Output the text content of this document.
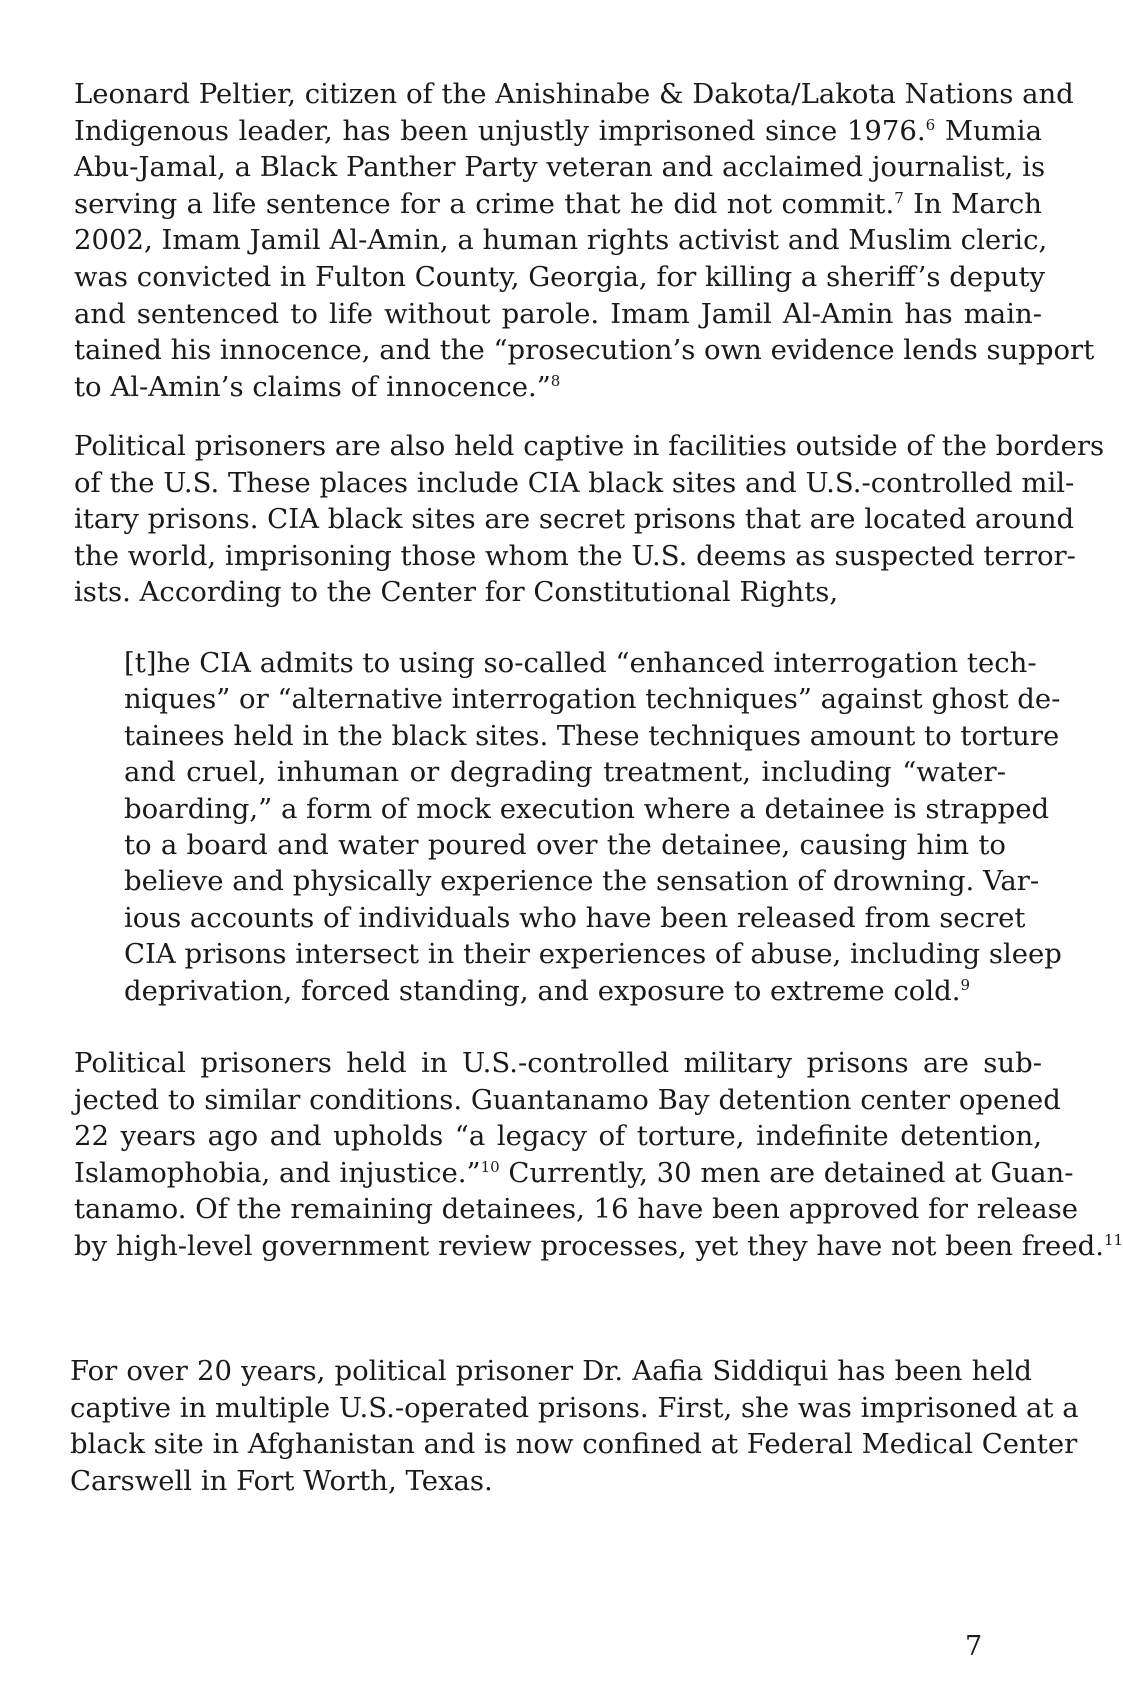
Leonard Peltier, citizen of the Anishinabe & Dakota/Lakota Nations and
Indigenous leader, has been unjustly imprisoned since 1976.$^6$ Mumia
Abu-Jamal, a Black Panther Party veteran and acclaimed journalist, is
serving a life sentence for a crime that he did not commit.$^7$ In March
2002, Imam Jamil Al-Amin, a human rights activist and Muslim cleric,
was convicted in Fulton County, Georgia, for killing a sheriff’s deputy
and sentenced to life without parole. Imam Jamil Al-Amin has main-
tained his innocence, and the “prosecution’s own evidence lends support
to Al-Amin’s claims of innocence.”$^8$

Political prisoners are also held captive in facilities outside of the borders
of the U.S. These places include CIA black sites and U.S.-controlled mil-
itary prisons. CIA black sites are secret prisons that are located around
the world, imprisoning those whom the U.S. deems as suspected terror-
ists. According to the Center for Constitutional Rights,

[t]he CIA admits to using so-called “enhanced interrogation tech-
niques” or “alternative interrogation techniques” against ghost de-
tainees held in the black sites. These techniques amount to torture
and cruel, inhuman or degrading treatment, including “water-
boarding,” a form of mock execution where a detainee is strapped
to a board and water poured over the detainee, causing him to
believe and physically experience the sensation of drowning. Var-
ious accounts of individuals who have been released from secret
CIA prisons intersect in their experiences of abuse, including sleep
deprivation, forced standing, and exposure to extreme cold.$^9$

Political prisoners held in U.S.-controlled military prisons are sub-
jected to similar conditions. Guantanamo Bay detention center opened
22 years ago and upholds “a legacy of torture, indefinite detention,
Islamophobia, and injustice.”$^{10}$ Currently, 30 men are detained at Guan-
tanamo. Of the remaining detainees, 16 have been approved for release
by high-level government review processes, yet they have not been freed.$^{11}$

For over 20 years, political prisoner Dr. Aafia Siddiqui has been held
captive in multiple U.S.-operated prisons. First, she was imprisoned at a
black site in Afghanistan and is now confined at Federal Medical Center
Carswell in Fort Worth, Texas.

7
